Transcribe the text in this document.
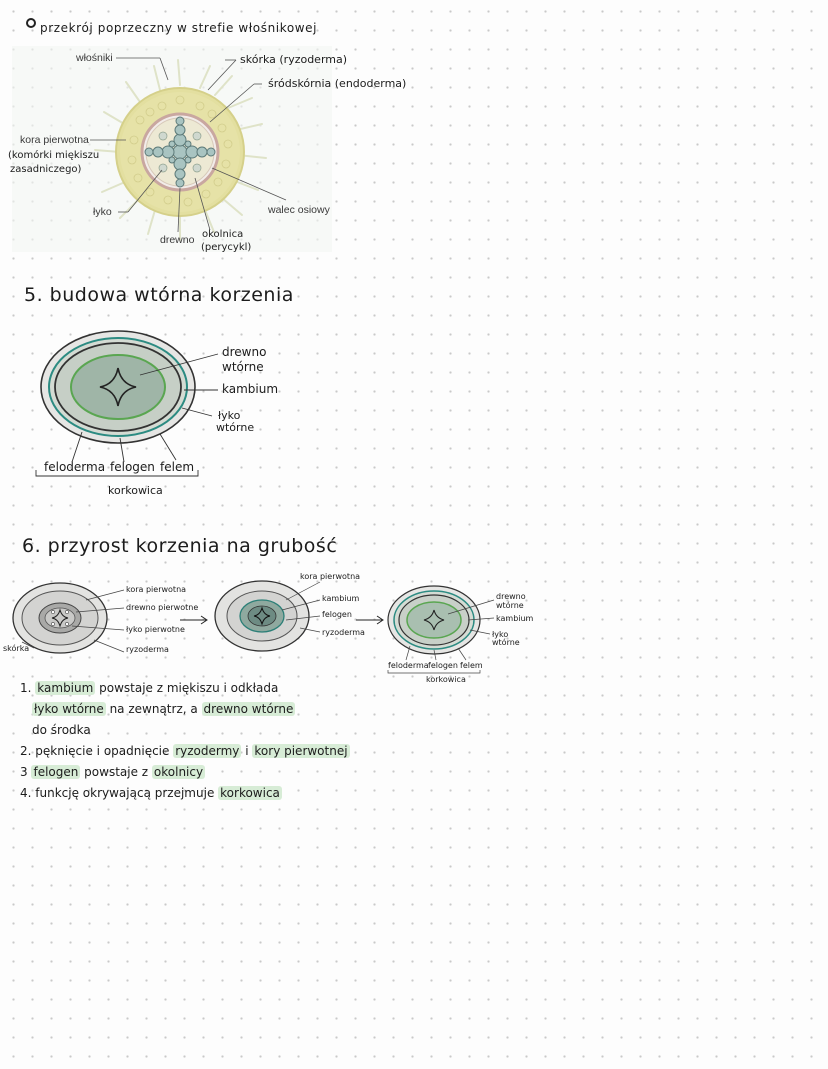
przekrój poprzeczny w strefie włośnikowej
włośniki	skórka (ryzoderma)
śródskórnia (endoderma)
kora pierwotna
(komórki miękiszu
zasadniczego)
walec osiowy
łyko
drewno okolnica
(perycykl)
5. budowa wtórna korzenia
drewno
wtórne
kambium
łyko
wtórne
feloderma felogen felem
korkowica
6. przyrost korzenia na grubość
kora pierwotna
drewno pierwotne
łyko pierwotne
ryzoderma
skórka
kora pierwotna
kambium
felogen
ryzoderma
drewno
wtórne
kambium
łyko
wtórne
feloderma felogen felem
korkowica
1. kambium powstaje z miękiszu i odkłada
łyko wtórne na zewnątrz, a drewno wtórne
do środka
2. pęknięcie i opadnięcie ryzodermy i kory pierwotnej
3 felogen powstaje z okolnicy
4. funkcję okrywającą przejmuje korkowica
